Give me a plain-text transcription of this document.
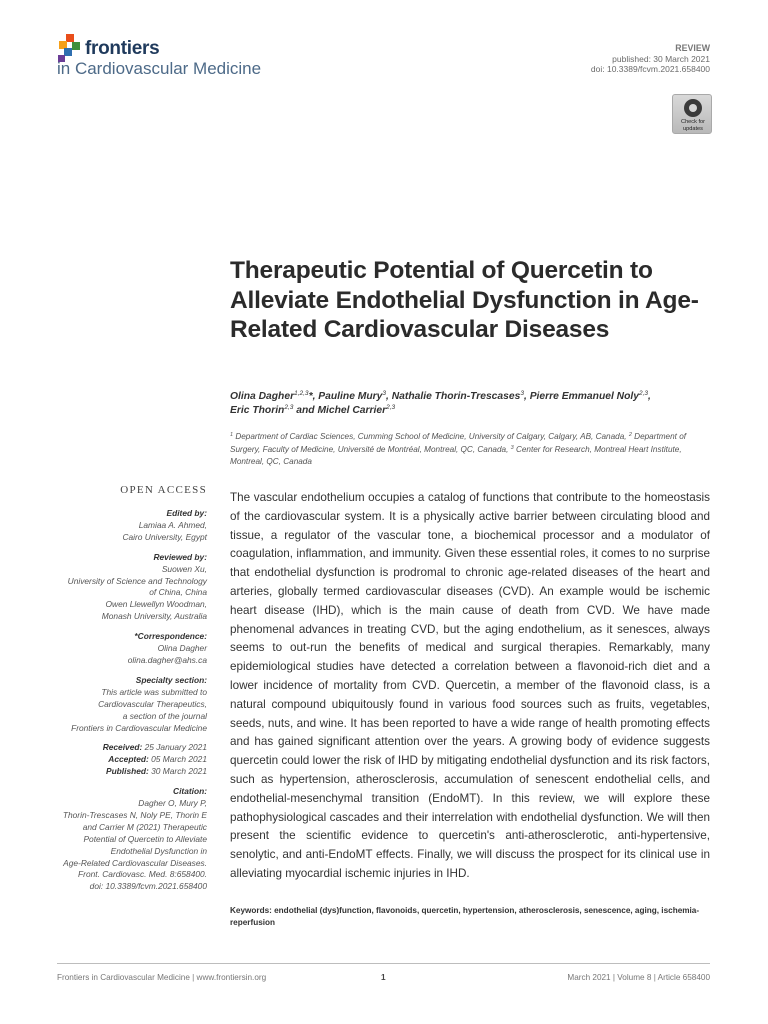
frontiers
in Cardiovascular Medicine
REVIEW
published: 30 March 2021
doi: 10.3389/fcvm.2021.658400
Check for
updates
Therapeutic Potential of Quercetin to Alleviate Endothelial Dysfunction in Age-Related Cardiovascular Diseases
Olina Dagher$^{1,2,3}$*, Pauline Mury$^3$, Nathalie Thorin-Trescases$^3$, Pierre Emmanuel Noly$^{2,3}$,
Eric Thorin$^{2,3}$ and Michel Carrier$^{2,3}$
$^1$ Department of Cardiac Sciences, Cumming School of Medicine, University of Calgary, Calgary, AB, Canada, $^2$ Department of Surgery, Faculty of Medicine, Université de Montréal, Montreal, QC, Canada, $^3$ Center for Research, Montreal Heart Institute, Montreal, QC, Canada
OPEN ACCESS
Edited by:
Lamiaa A. Ahmed,
Cairo University, Egypt
Reviewed by:
Suowen Xu,
University of Science and Technology
of China, China
Owen Llewellyn Woodman,
Monash University, Australia
*Correspondence:
Olina Dagher
olina.dagher@ahs.ca
Specialty section:
This article was submitted to
Cardiovascular Therapeutics,
a section of the journal
Frontiers in Cardiovascular Medicine
Received: 25 January 2021
Accepted: 05 March 2021
Published: 30 March 2021
Citation:
Dagher O, Mury P,
Thorin-Trescases N, Noly PE, Thorin E
and Carrier M (2021) Therapeutic
Potential of Quercetin to Alleviate
Endothelial Dysfunction in
Age-Related Cardiovascular Diseases.
Front. Cardiovasc. Med. 8:658400.
doi: 10.3389/fcvm.2021.658400
The vascular endothelium occupies a catalog of functions that contribute to the homeostasis of the cardiovascular system. It is a physically active barrier between circulating blood and tissue, a regulator of the vascular tone, a biochemical processor and a modulator of coagulation, inflammation, and immunity. Given these essential roles, it comes to no surprise that endothelial dysfunction is prodromal to chronic age-related diseases of the heart and arteries, globally termed cardiovascular diseases (CVD). An example would be ischemic heart disease (IHD), which is the main cause of death from CVD. We have made phenomenal advances in treating CVD, but the aging endothelium, as it senesces, always seems to out-run the benefits of medical and surgical therapies. Remarkably, many epidemiological studies have detected a correlation between a flavonoid-rich diet and a lower incidence of mortality from CVD. Quercetin, a member of the flavonoid class, is a natural compound ubiquitously found in various food sources such as fruits, vegetables, seeds, nuts, and wine. It has been reported to have a wide range of health promoting effects and has gained significant attention over the years. A growing body of evidence suggests quercetin could lower the risk of IHD by mitigating endothelial dysfunction and its risk factors, such as hypertension, atherosclerosis, accumulation of senescent endothelial cells, and endothelial-mesenchymal transition (EndoMT). In this review, we will explore these pathophysiological cascades and their interrelation with endothelial dysfunction. We will then present the scientific evidence to quercetin's anti-atherosclerotic, anti-hypertensive, senolytic, and anti-EndoMT effects. Finally, we will discuss the prospect for its clinical use in alleviating myocardial ischemic injuries in IHD.
Keywords: endothelial (dys)function, flavonoids, quercetin, hypertension, atherosclerosis, senescence, aging, ischemia-reperfusion
Frontiers in Cardiovascular Medicine | www.frontiersin.org	1	March 2021 | Volume 8 | Article 658400
